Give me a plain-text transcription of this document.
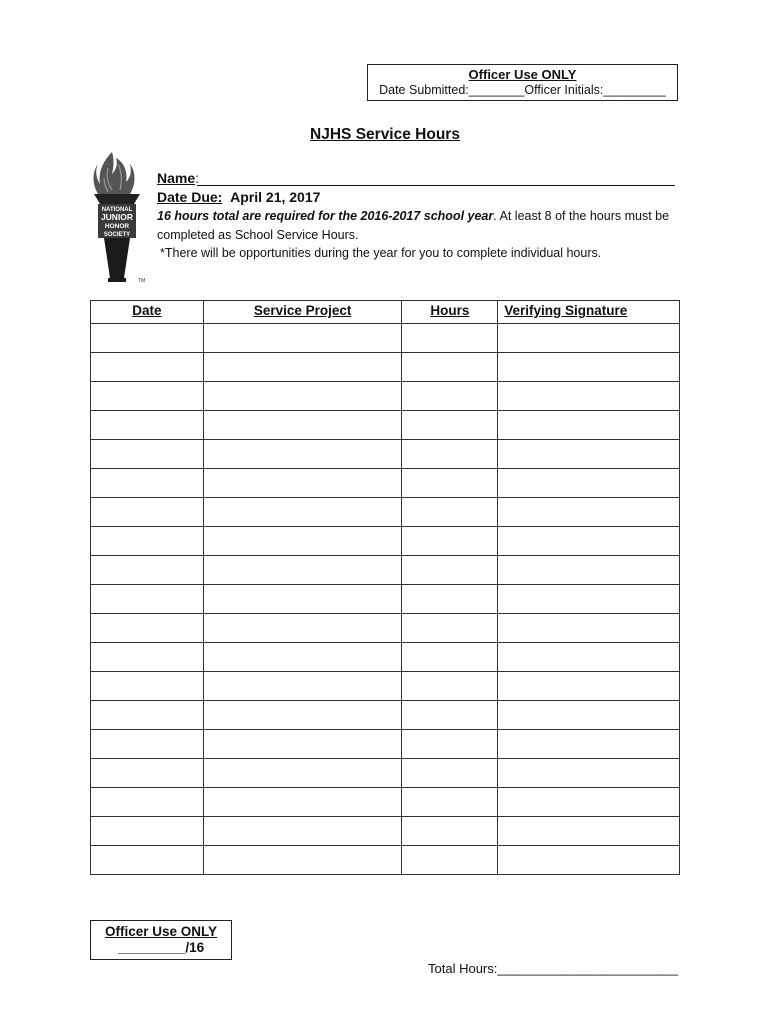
Officer Use ONLY
Date Submitted:________Officer Initials:_________
NJHS Service Hours
NATIONAL
JUNIOR
HONOR
SOCIETY
TM
Name:
Date Due: April 21, 2017
16 hours total are required for the 2016-2017 school year. At least 8 of the hours must be completed as School Service Hours.
*There will be opportunities during the year for you to complete individual hours.
Date	Service Project	Hours	Verifying Signature

Officer Use ONLY
_________/16
Total Hours:_________________________
